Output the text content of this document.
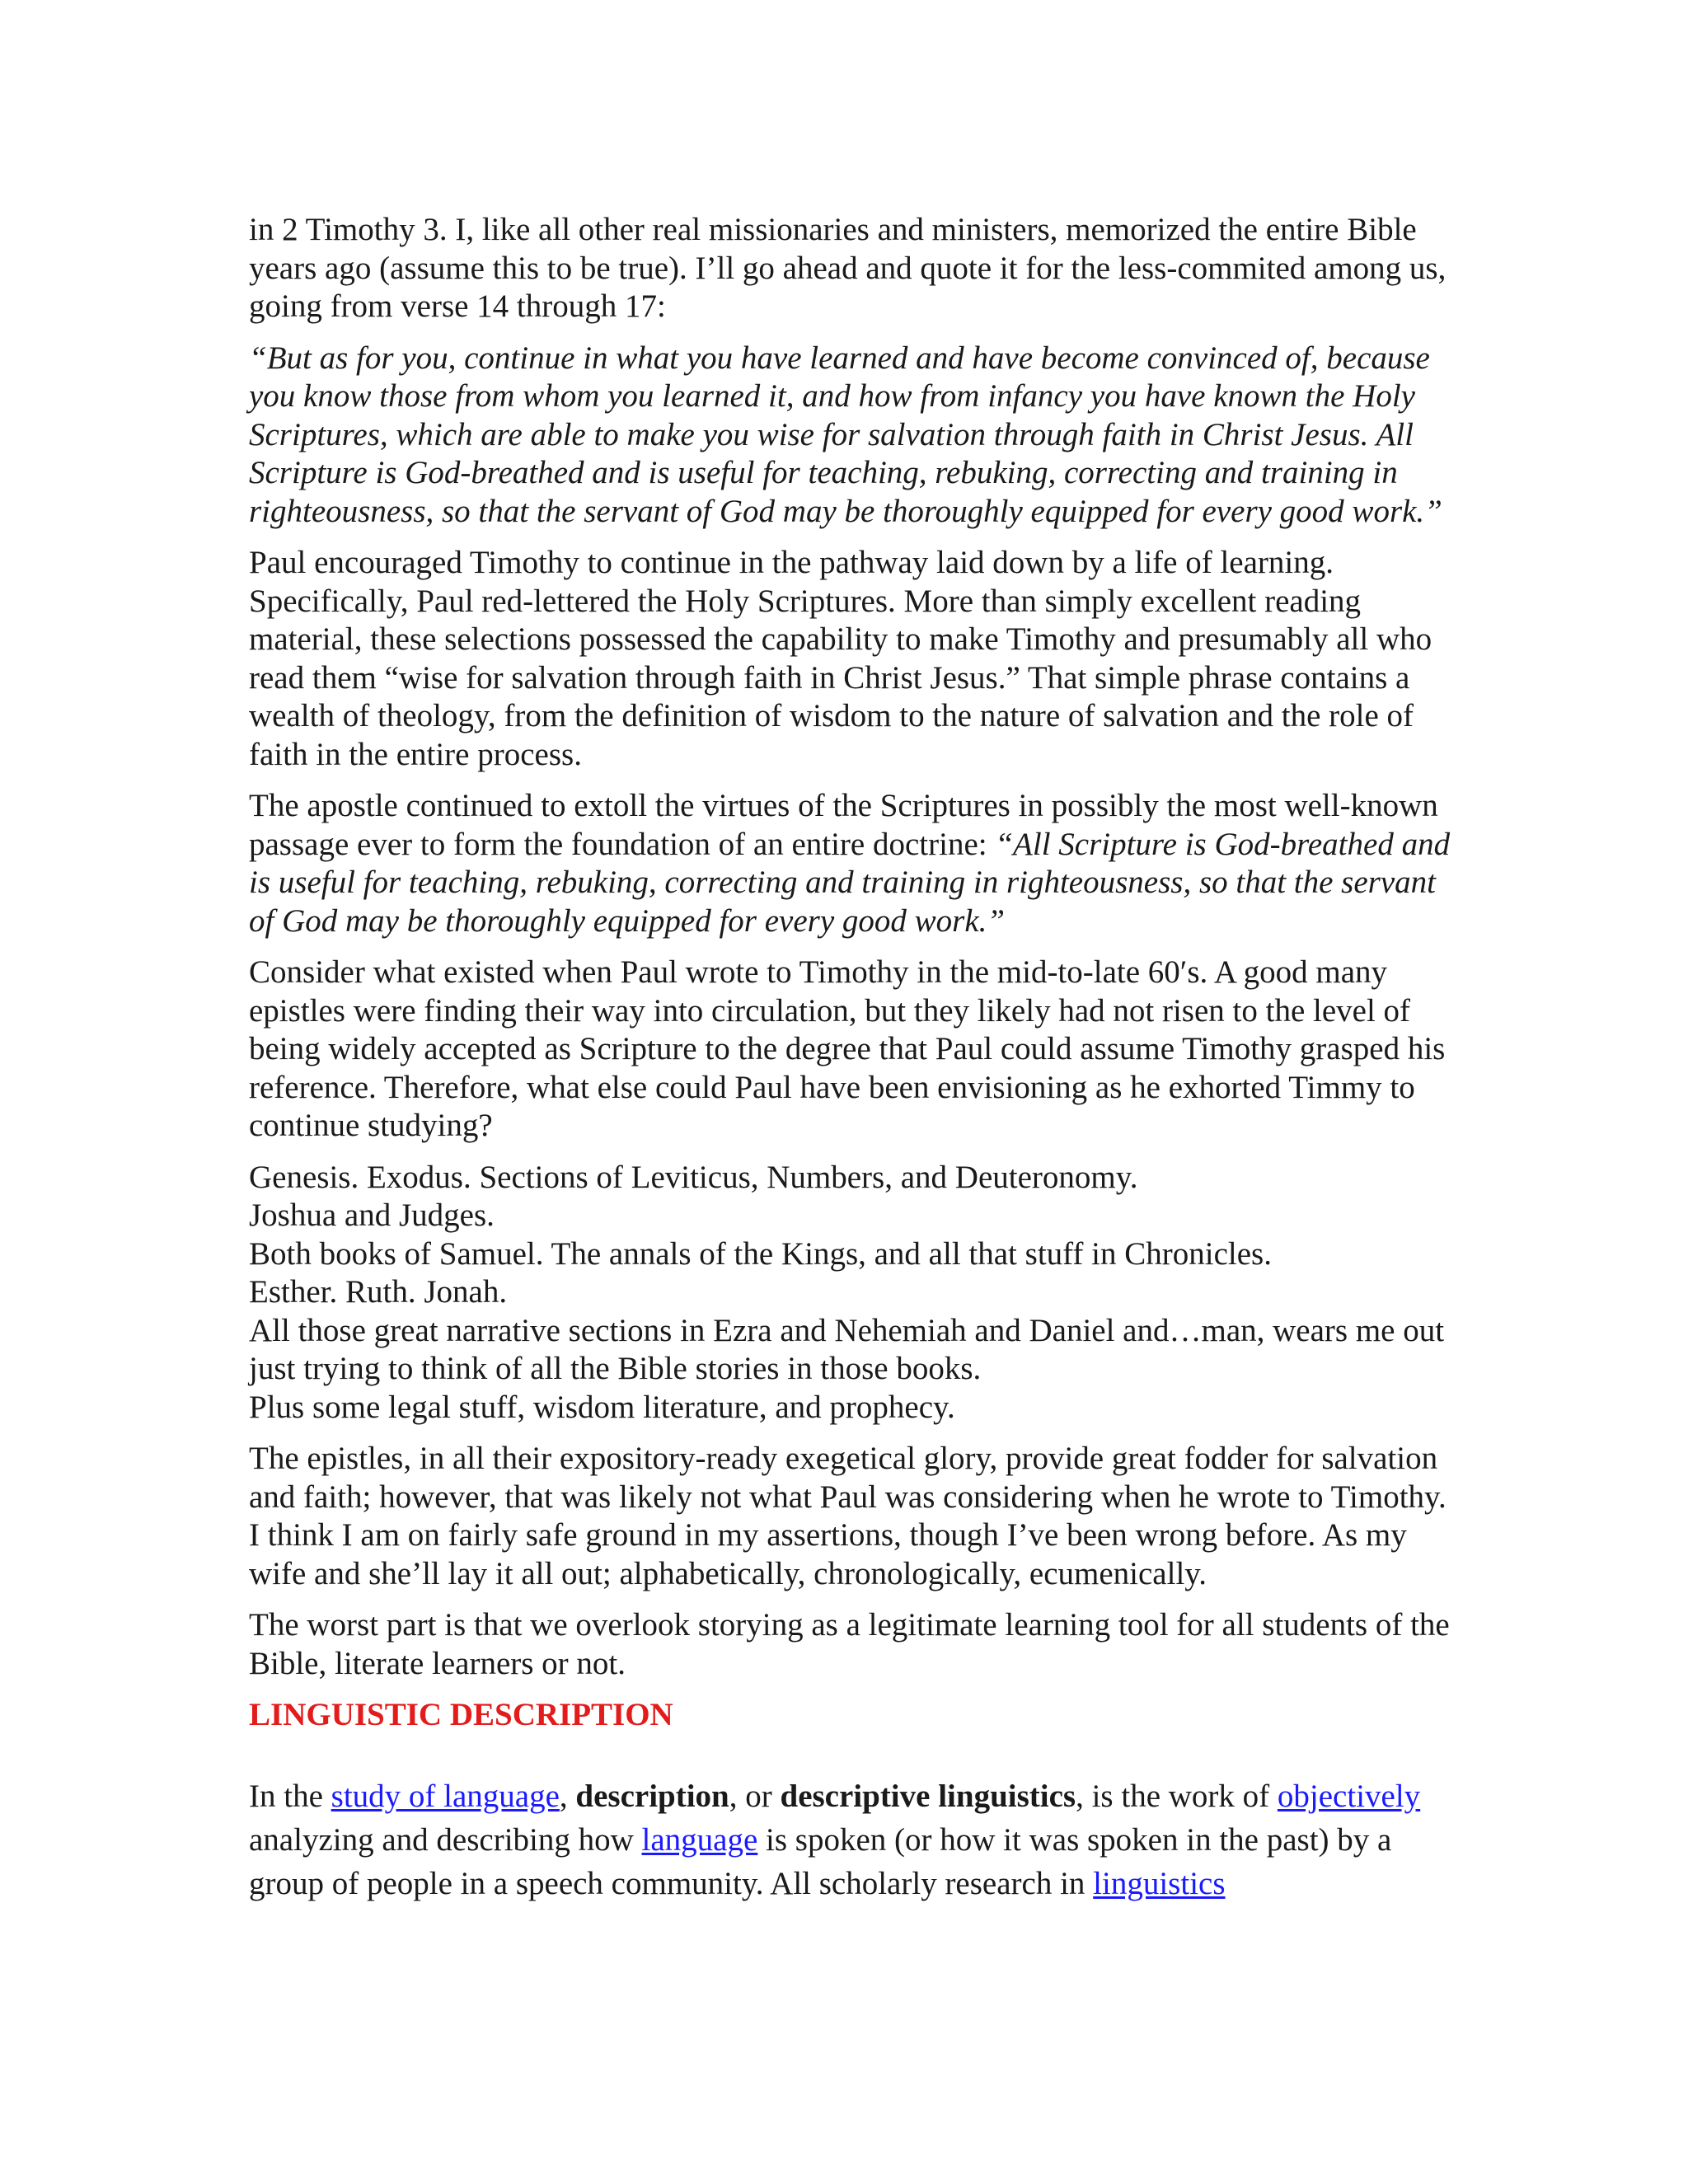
in 2 Timothy 3. I, like all other real missionaries and ministers, memorized the entire Bible years ago (assume this to be true). I’ll go ahead and quote it for the less-commited among us, going from verse 14 through 17:

“But as for you, continue in what you have learned and have become convinced of, because you know those from whom you learned it, and how from infancy you have known the Holy Scriptures, which are able to make you wise for salvation through faith in Christ Jesus. All Scripture is God-breathed and is useful for teaching, rebuking, correcting and training in righteousness, so that the servant of God may be thoroughly equipped for every good work.”

Paul encouraged Timothy to continue in the pathway laid down by a life of learning. Specifically, Paul red-lettered the Holy Scriptures. More than simply excellent reading material, these selections possessed the capability to make Timothy and presumably all who read them “wise for salvation through faith in Christ Jesus.” That simple phrase contains a wealth of theology, from the definition of wisdom to the nature of salvation and the role of faith in the entire process.

The apostle continued to extoll the virtues of the Scriptures in possibly the most well-known passage ever to form the foundation of an entire doctrine: “All Scripture is God-breathed and is useful for teaching, rebuking, correcting and training in righteousness, so that the servant of God may be thoroughly equipped for every good work.”

Consider what existed when Paul wrote to Timothy in the mid-to-late 60′s. A good many epistles were finding their way into circulation, but they likely had not risen to the level of being widely accepted as Scripture to the degree that Paul could assume Timothy grasped his reference. Therefore, what else could Paul have been envisioning as he exhorted Timmy to continue studying?

Genesis. Exodus. Sections of Leviticus, Numbers, and Deuteronomy.
Joshua and Judges.
Both books of Samuel. The annals of the Kings, and all that stuff in Chronicles.
Esther. Ruth. Jonah.
All those great narrative sections in Ezra and Nehemiah and Daniel and…man, wears me out just trying to think of all the Bible stories in those books.
Plus some legal stuff, wisdom literature, and prophecy.

The epistles, in all their expository-ready exegetical glory, provide great fodder for salvation and faith; however, that was likely not what Paul was considering when he wrote to Timothy. I think I am on fairly safe ground in my assertions, though I’ve been wrong before. As my wife and she’ll lay it all out; alphabetically, chronologically, ecumenically.

The worst part is that we overlook storying as a legitimate learning tool for all students of the Bible, literate learners or not.

LINGUISTIC DESCRIPTION

In the study of language, description, or descriptive linguistics, is the work of objectively analyzing and describing how language is spoken (or how it was spoken in the past) by a group of people in a speech community. All scholarly research in linguistics
